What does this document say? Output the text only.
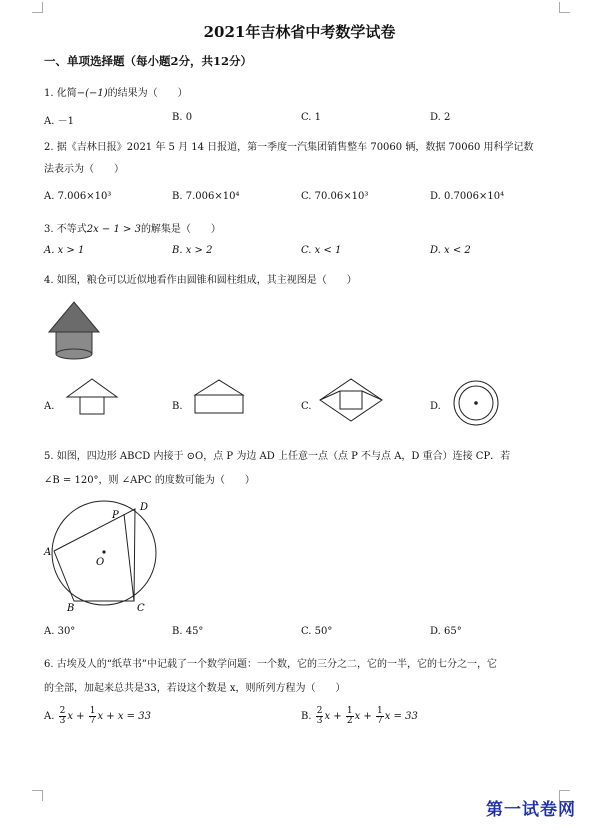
2021年吉林省中考数学试卷
一、单项选择题（每小题2分，共12分）
1. 化简−(−1)的结果为（　　）
A. －1	B. 0	C. 1	D. 2
2. 据《吉林日报》2021 年 5 月 14 日报道，第一季度一汽集团销售整车 70060 辆，数据 70060 用科学记数
法表示为（　　）
A. 7.006×10³	B. 7.006×10⁴	C. 70.06×10³	D. 0.7006×10⁴
3. 不等式2x − 1 > 3的解集是（　　）
A. x > 1	B. x > 2	C. x < 1	D. x < 2
4. 如图，粮仓可以近似地看作由圆锥和圆柱组成，其主视图是（　　）
A.	B.	C.	D.
5. 如图，四边形 ABCD 内接于 ⊙O，点 P 为边 AD 上任意一点（点 P 不与点 A，D 重合）连接 CP．若
∠B = 120°，则 ∠APC 的度数可能为（　　）
A
B	C
D
P
O
A. 30°	B. 45°	C. 50°	D. 65°
6. 古埃及人的“纸草书”中记载了一个数学问题：一个数，它的三分之二，它的一半，它的七分之一，它
的全部，加起来总共是33，若设这个数是 x，则所列方程为（　　）
A. $\frac{2}{3}$ $x + \frac{1}{7}$ x + x = 33	B. $\frac{2}{3}$ $x + \frac{1}{2}$ $x + \frac{1}{7}$ x = 33
第一试卷网
